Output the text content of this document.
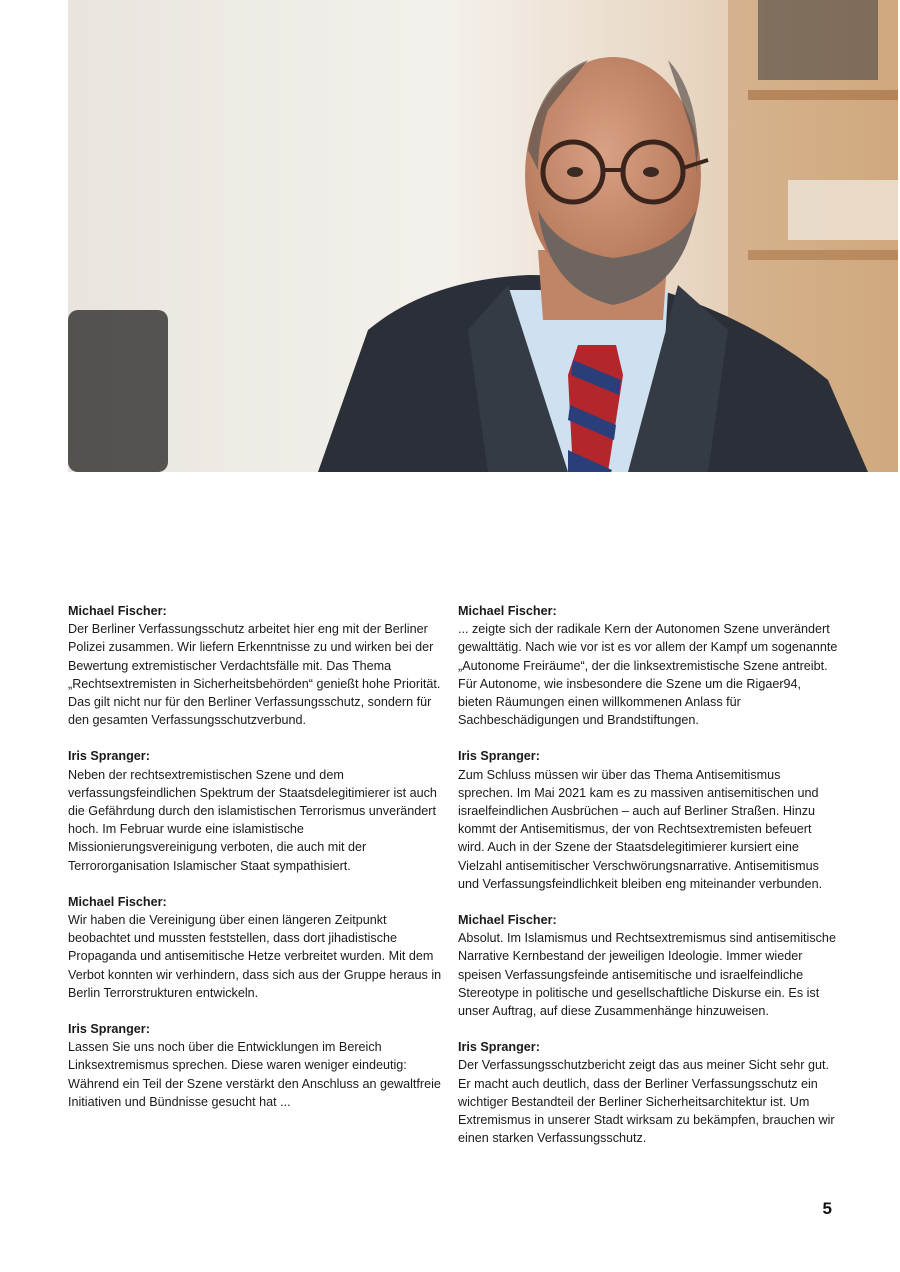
Michael Fischer:
Der Berliner Verfassungsschutz arbeitet hier eng mit der Berliner Polizei zusammen. Wir liefern Erkenntnisse zu und wirken bei der Bewertung extremistischer Verdachtsfälle mit. Das Thema „Rechtsextremisten in Sicherheitsbehörden“ genießt hohe Priorität. Das gilt nicht nur für den Berliner Verfassungsschutz, sondern für den gesamten Verfassungsschutzverbund.
Iris Spranger:
Neben der rechtsextremistischen Szene und dem verfassungsfeindlichen Spektrum der Staatsdelegitimierer ist auch die Gefährdung durch den islamistischen Terrorismus unverändert hoch. Im Februar wurde eine islamistische Missionierungsvereinigung verboten, die auch mit der Terrororganisation Islamischer Staat sympathisiert.
Michael Fischer:
Wir haben die Vereinigung über einen längeren Zeitpunkt beobachtet und mussten feststellen, dass dort jihadistische Propaganda und antisemitische Hetze verbreitet wurden. Mit dem Verbot konnten wir verhindern, dass sich aus der Gruppe heraus in Berlin Terrorstrukturen entwickeln.
Iris Spranger:
Lassen Sie uns noch über die Entwicklungen im Bereich Linksextremismus sprechen. Diese waren weniger eindeutig: Während ein Teil der Szene verstärkt den Anschluss an gewaltfreie Initiativen und Bündnisse gesucht hat ...
Michael Fischer:
... zeigte sich der radikale Kern der Autonomen Szene unverändert gewalttätig. Nach wie vor ist es vor allem der Kampf um sogenannte „Autonome Freiräume“, der die linksextremistische Szene antreibt. Für Autonome, wie insbesondere die Szene um die Rigaer94, bieten Räumungen einen willkommenen Anlass für Sachbeschädigungen und Brandstiftungen.
Iris Spranger:
Zum Schluss müssen wir über das Thema Antisemitismus sprechen. Im Mai 2021 kam es zu massiven antisemitischen und israelfeindlichen Ausbrüchen – auch auf Berliner Straßen. Hinzu kommt der Antisemitismus, der von Rechtsextremisten befeuert wird. Auch in der Szene der Staatsdelegitimierer kursiert eine Vielzahl antisemitischer Verschwörungsnarrative. Antisemitismus und Verfassungsfeindlichkeit bleiben eng miteinander verbunden.
Michael Fischer:
Absolut. Im Islamismus und Rechtsextremismus sind antisemitische Narrative Kernbestand der jeweiligen Ideologie. Immer wieder speisen Verfassungsfeinde antisemitische und israelfeindliche Stereotype in politische und gesellschaftliche Diskurse ein. Es ist unser Auftrag, auf diese Zusammenhänge hinzuweisen.
Iris Spranger:
Der Verfassungsschutzbericht zeigt das aus meiner Sicht sehr gut. Er macht auch deutlich, dass der Berliner Verfassungsschutz ein wichtiger Bestandteil der Berliner Sicherheitsarchitektur ist. Um Extremismus in unserer Stadt wirksam zu bekämpfen, brauchen wir einen starken Verfassungsschutz.
5
